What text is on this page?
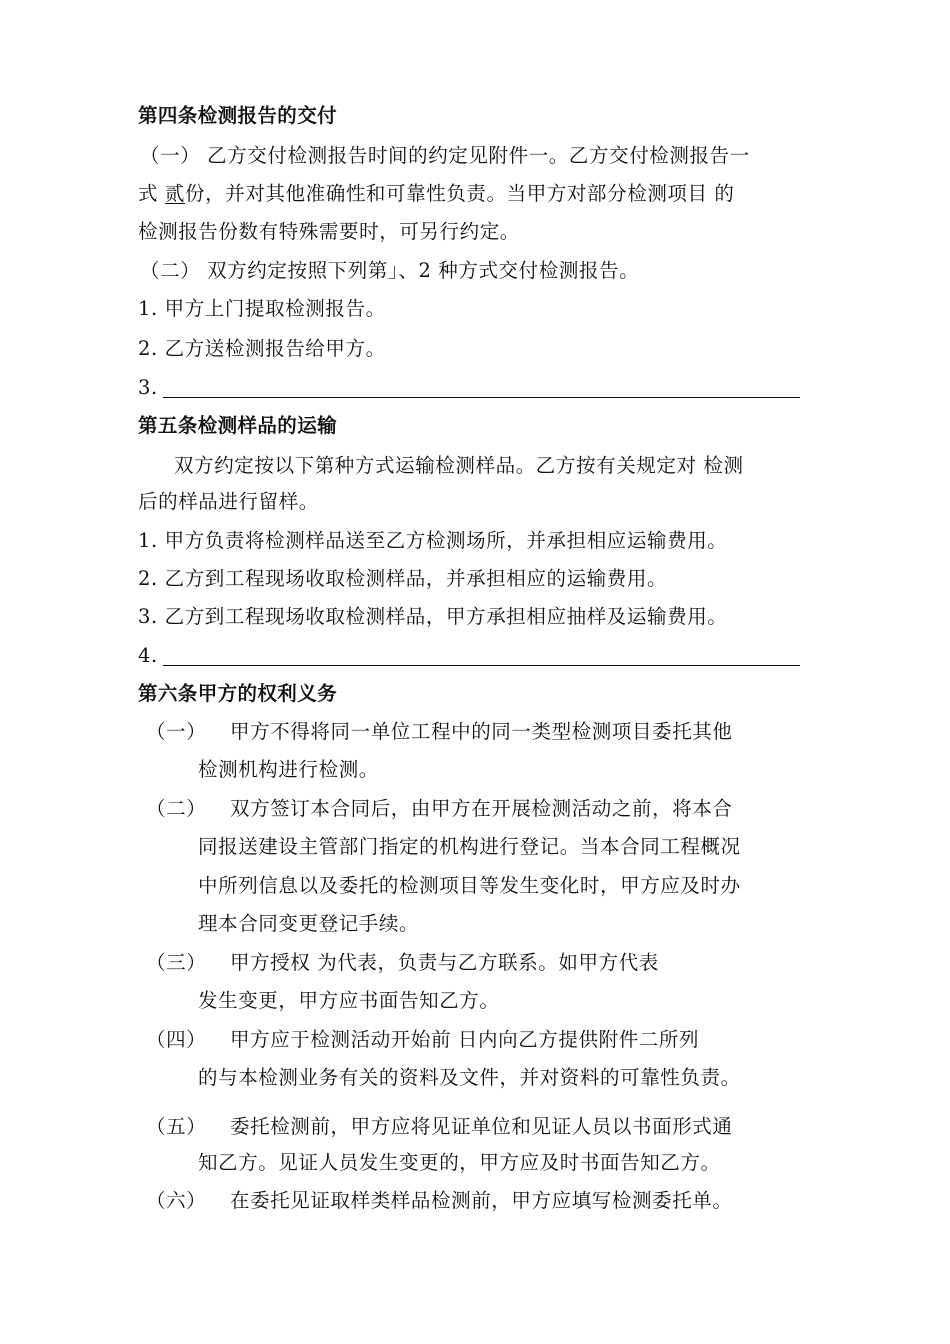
第四条检测报告的交付
（一） 乙方交付检测报告时间的约定见附件一。乙方交付检测报告一
式 贰份，并对其他准确性和可靠性负责。当甲方对部分检测项目 的
检测报告份数有特殊需要时，可另行约定。
（二） 双方约定按照下列第」、2 种方式交付检测报告。
1. 甲方上门提取检测报告。
2. 乙方送检测报告给甲方。
3.
第五条检测样品的运输
双方约定按以下第种方式运输检测样品。乙方按有关规定对 检测
后的样品进行留样。
1. 甲方负责将检测样品送至乙方检测场所，并承担相应运输费用。
2. 乙方到工程现场收取检测样品，并承担相应的运输费用。
3. 乙方到工程现场收取检测样品，甲方承担相应抽样及运输费用。
4.
第六条甲方的权利义务
（一） 甲方不得将同一单位工程中的同一类型检测项目委托其他
检测机构进行检测。
（二） 双方签订本合同后，由甲方在开展检测活动之前，将本合
同报送建设主管部门指定的机构进行登记。当本合同工程概况
中所列信息以及委托的检测项目等发生变化时，甲方应及时办
理本合同变更登记手续。
（三） 甲方授权 为代表，负责与乙方联系。如甲方代表
发生变更，甲方应书面告知乙方。
（四） 甲方应于检测活动开始前 日内向乙方提供附件二所列
的与本检测业务有关的资料及文件，并对资料的可靠性负责。
（五） 委托检测前，甲方应将见证单位和见证人员以书面形式通
知乙方。见证人员发生变更的，甲方应及时书面告知乙方。
（六） 在委托见证取样类样品检测前，甲方应填写检测委托单。
